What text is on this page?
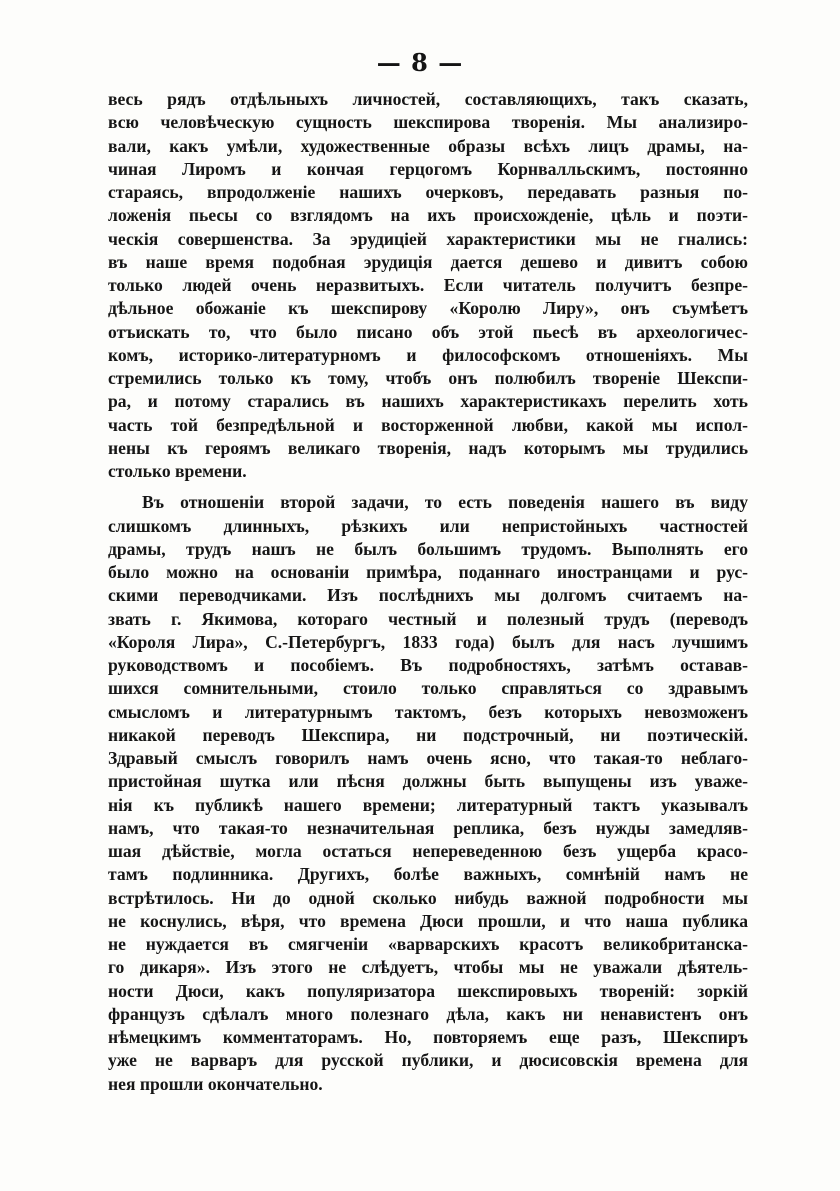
— 8 —
весь рядъ отдѣльныхъ личностей, составляющихъ, такъ сказать,
всю человѣческую сущность шекспирова творенія. Мы анализиро-
вали, какъ умѣли, художественные образы всѣхъ лицъ драмы, на-
чиная Лиромъ и кончая герцогомъ Корнвалльскимъ, постоянно
стараясь, впродолженіе нашихъ очерковъ, передавать разныя по-
ложенія пьесы со взглядомъ на ихъ происхожденіе, цѣль и поэти-
ческія совершенства. За эрудиціей характеристики мы не гнались:
въ наше время подобная эрудиція дается дешево и дивитъ собою
только людей очень неразвитыхъ. Если читатель получитъ безпре-
дѣльное обожаніе къ шекспирову «Королю Лиру», онъ съумѣетъ
отъискать то, что было писано объ этой пьесѣ въ археологичес-
комъ, историко-литературномъ и философскомъ отношеніяхъ. Мы
стремились только къ тому, чтобъ онъ полюбилъ твореніе Шекспи-
ра, и потому старались въ нашихъ характеристикахъ перелить хоть
часть той безпредѣльной и восторженной любви, какой мы испол-
нены къ героямъ великаго творенія, надъ которымъ мы трудились
столько времени.
Въ отношеніи второй задачи, то есть поведенія нашего въ виду
слишкомъ длинныхъ, рѣзкихъ или непристойныхъ частностей
драмы, трудъ нашъ не былъ большимъ трудомъ. Выполнять его
было можно на основаніи примѣра, поданнаго иностранцами и рус-
скими переводчиками. Изъ послѣднихъ мы долгомъ считаемъ на-
звать г. Якимова, котораго честный и полезный трудъ (переводъ
«Короля Лира», С.-Петербургъ, 1833 года) былъ для насъ лучшимъ
руководствомъ и пособіемъ. Въ подробностяхъ, затѣмъ оставав-
шихся сомнительными, стоило только справляться со здравымъ
смысломъ и литературнымъ тактомъ, безъ которыхъ невозможенъ
никакой переводъ Шекспира, ни подстрочный, ни поэтическій.
Здравый смыслъ говорилъ намъ очень ясно, что такая-то неблаго-
пристойная шутка или пѣсня должны быть выпущены изъ уваже-
нія къ публикѣ нашего времени; литературный тактъ указывалъ
намъ, что такая-то незначительная реплика, безъ нужды замедляв-
шая дѣйствіе, могла остаться непереведенною безъ ущерба красо-
тамъ подлинника. Другихъ, болѣе важныхъ, сомнѣній намъ не
встрѣтилось. Ни до одной сколько нибудь важной подробности мы
не коснулись, вѣря, что времена Дюси прошли, и что наша публика
не нуждается въ смягченіи «варварскихъ красотъ великобританска-
го дикаря». Изъ этого не слѣдуетъ, чтобы мы не уважали дѣятель-
ности Дюси, какъ популяризатора шекспировыхъ твореній: зоркій
французъ сдѣлалъ много полезнаго дѣла, какъ ни ненавистенъ онъ
нѣмецкимъ комментаторамъ. Но, повторяемъ еще разъ, Шекспиръ
уже не варваръ для русской публики, и дюсисовскія времена для
нея прошли окончательно.
